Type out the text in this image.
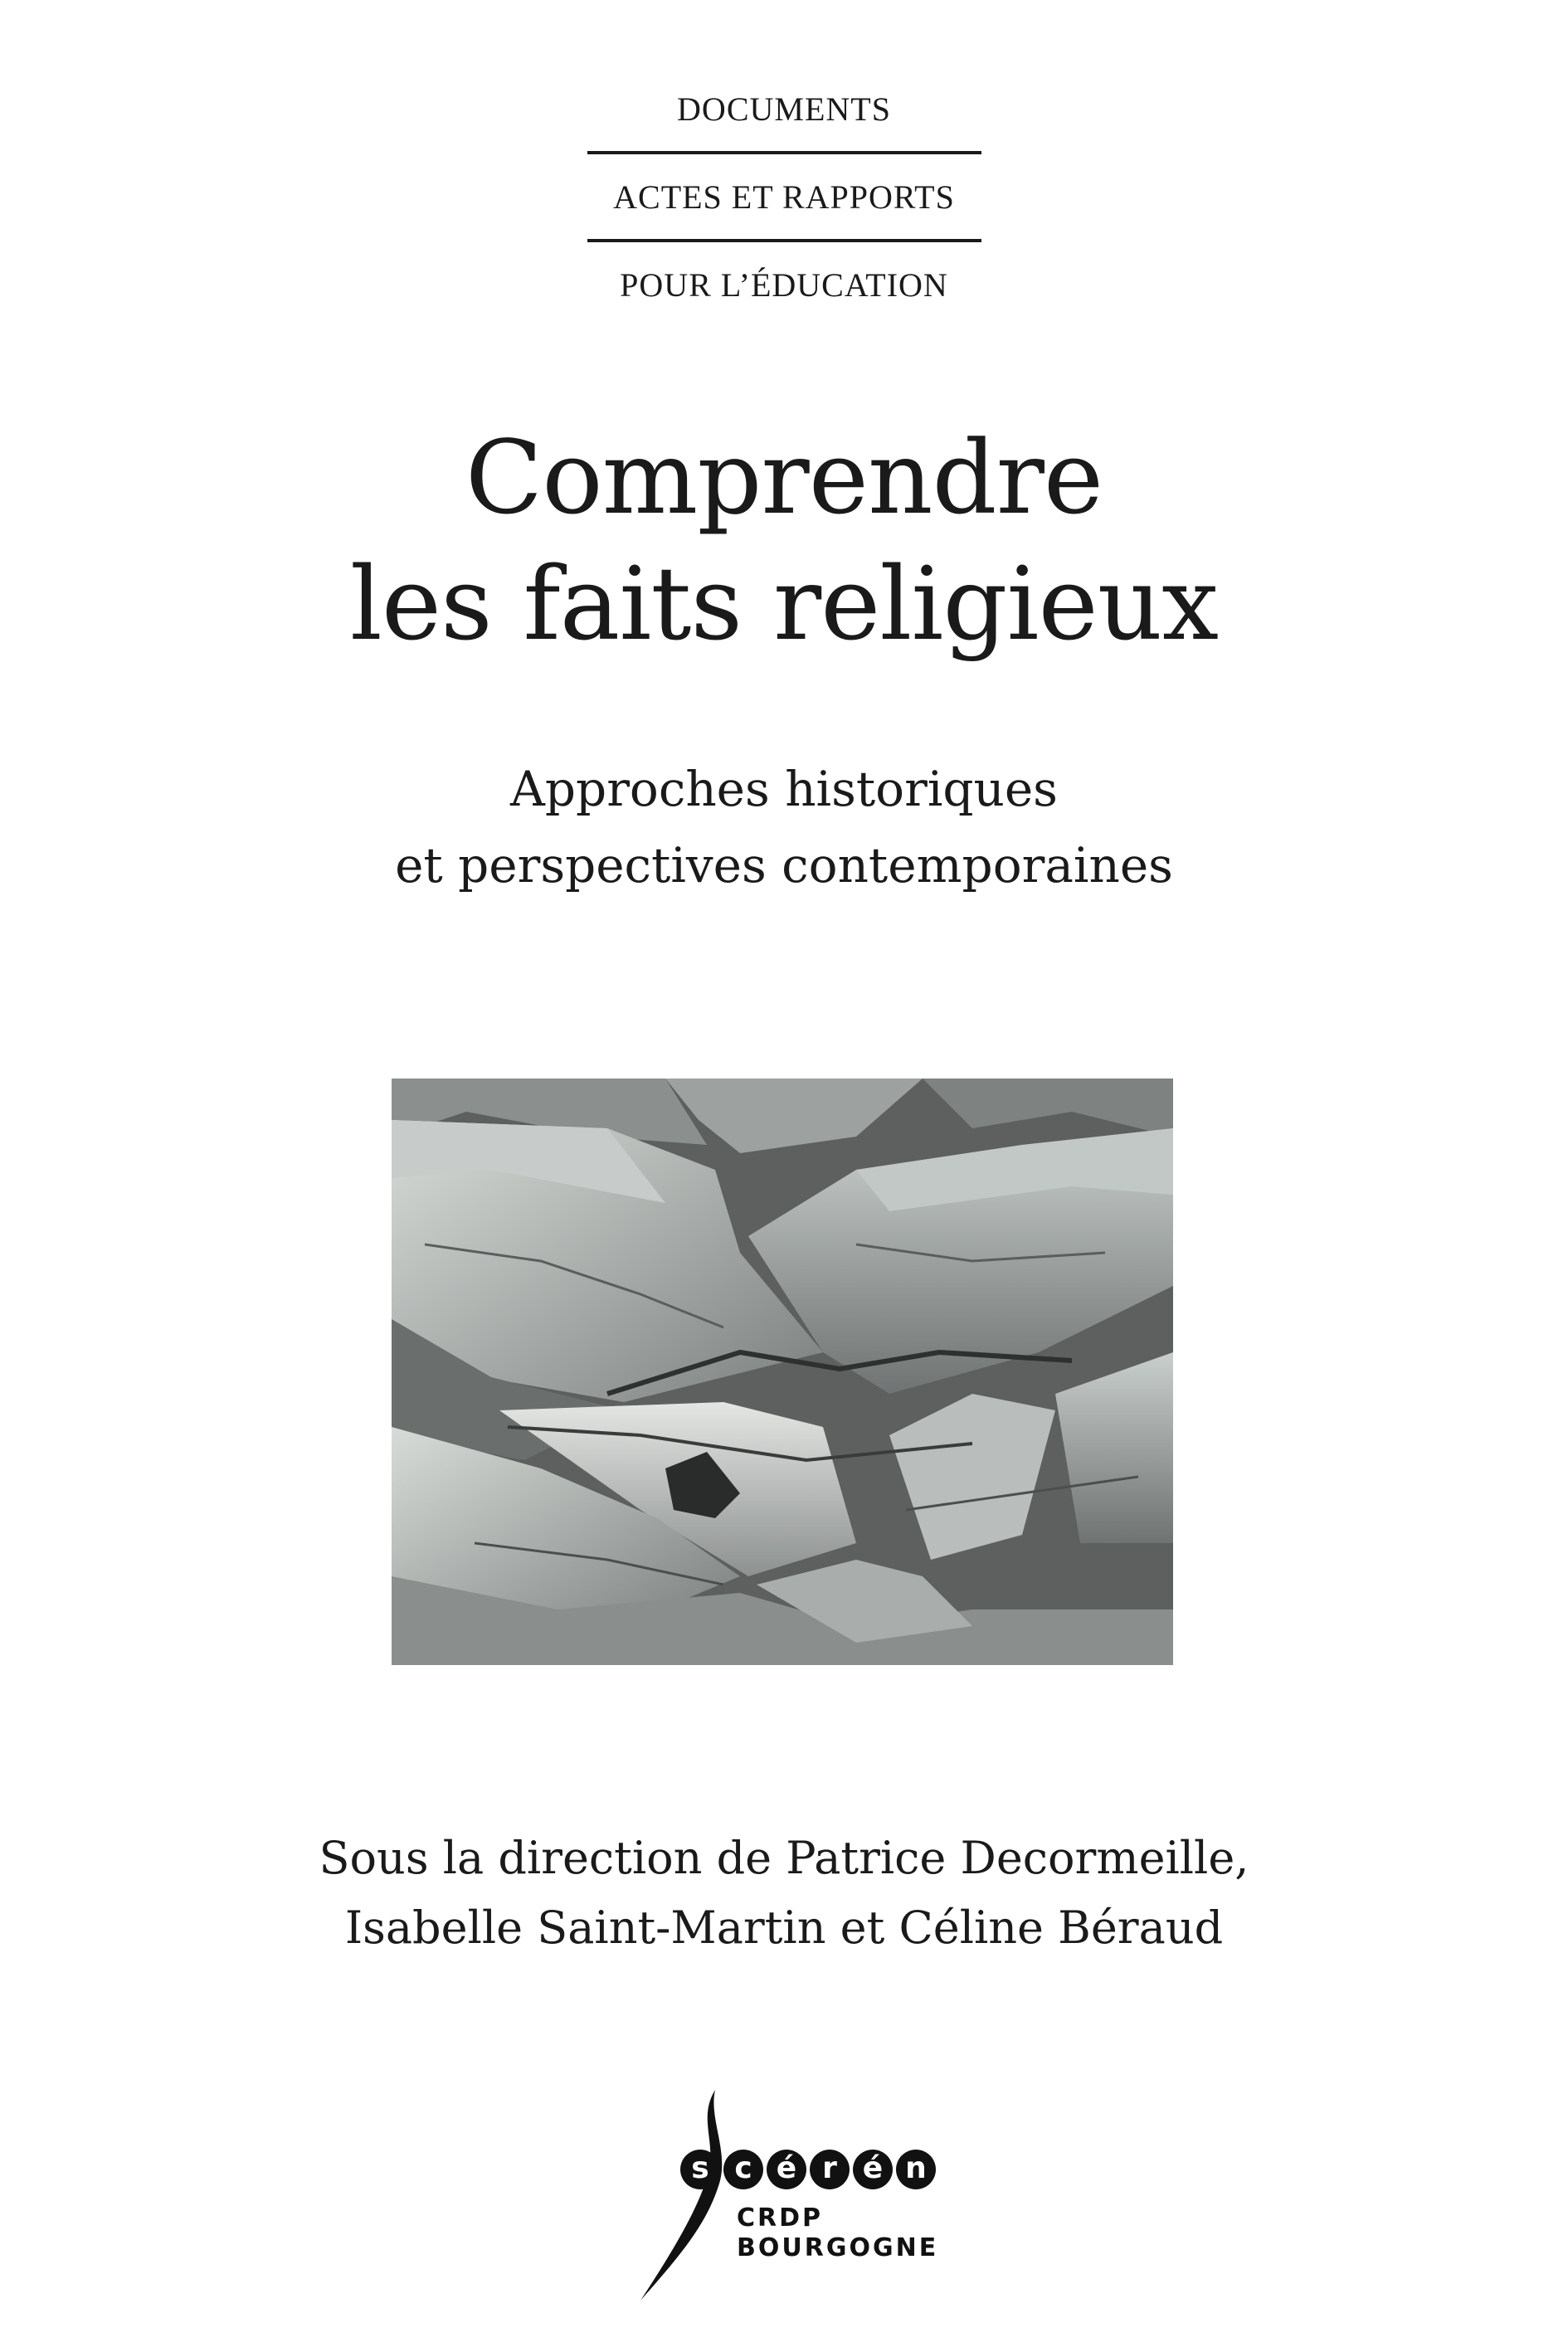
DOCUMENTS
ACTES ET RAPPORTS
POUR L’ÉDUCATION
Comprendre
les faits religieux
Approches historiques
et perspectives contemporaines
Sous la direction de Patrice Decormeille,
Isabelle Saint-Martin et Céline Béraud
s c é r é n
CRDP
BOURGOGNE
